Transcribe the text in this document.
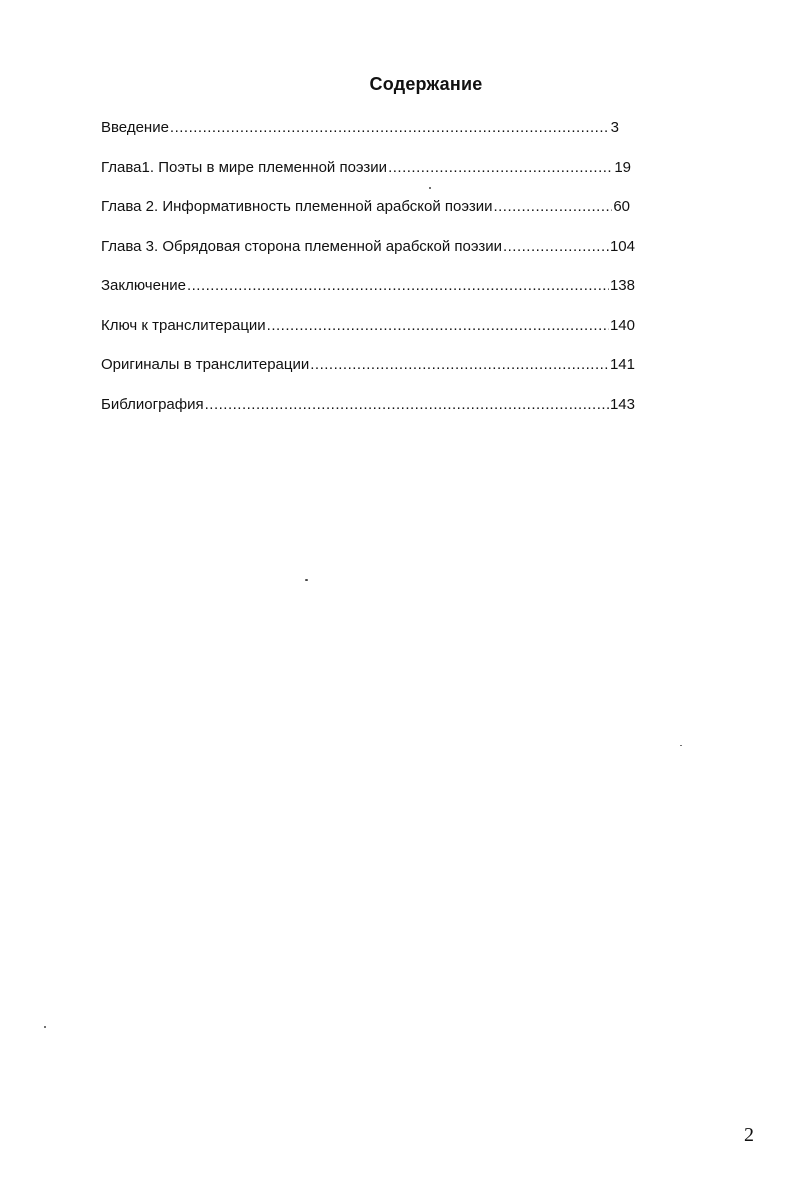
Содержание
Введение .....	3
Глава1. Поэты в мире племенной поэзии .....	19
Глава 2. Информативность племенной арабской поэзии .....	60
Глава 3. Обрядовая сторона племенной арабской поэзии .....	104
Заключение .....	138
Ключ к транслитерации .....	140
Оригиналы в транслитерации .....	141
Библиография .....	143
2
